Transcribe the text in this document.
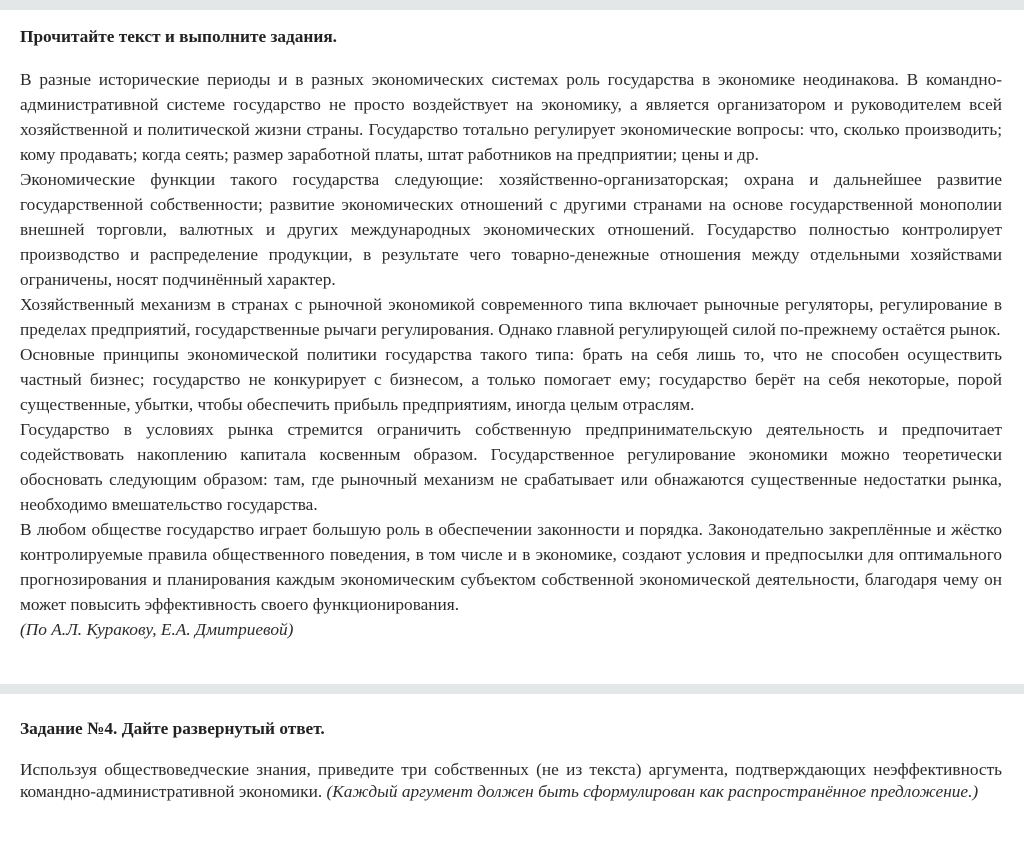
Прочитайте текст и выполните задания.

В разные исторические периоды и в разных экономических системах роль государства в экономике неодинакова. В командно-административной системе государство не просто воздействует на экономику, а является организатором и руководителем всей хозяйственной и политической жизни страны. Государство тотально регулирует экономические вопросы: что, сколько производить; кому продавать; когда сеять; размер заработной платы, штат работников на предприятии; цены и др.

Экономические функции такого государства следующие: хозяйственно-организаторская; охрана и дальнейшее развитие государственной собственности; развитие экономических отношений с другими странами на основе государственной монополии внешней торговли, валютных и других международных экономических отношений. Государство полностью контролирует производство и распределение продукции, в результате чего товарно-денежные отношения между отдельными хозяйствами ограничены, носят подчинённый характер.

Хозяйственный механизм в странах с рыночной экономикой современного типа включает рыночные регуляторы, регулирование в пределах предприятий, государственные рычаги регулирования. Однако главной регулирующей силой по-прежнему остаётся рынок.

Основные принципы экономической политики государства такого типа: брать на себя лишь то, что не способен осуществить частный бизнес; государство не конкурирует с бизнесом, а только помогает ему; государство берёт на себя некоторые, порой существенные, убытки, чтобы обеспечить прибыль предприятиям, иногда целым отраслям.

Государство в условиях рынка стремится ограничить собственную предпринимательскую деятельность и предпочитает содействовать накоплению капитала косвенным образом. Государственное регулирование экономики можно теоретически обосновать следующим образом: там, где рыночный механизм не срабатывает или обнажаются существенные недостатки рынка, необходимо вмешательство государства.

В любом обществе государство играет большую роль в обеспечении законности и порядка. Законодательно закреплённые и жёстко контролируемые правила общественного поведения, в том числе и в экономике, создают условия и предпосылки для оптимального прогнозирования и планирования каждым экономическим субъектом собственной экономической деятельности, благодаря чему он может повысить эффективность своего функционирования.

(По А.Л. Куракову, Е.А. Дмитриевой)

Задание №4. Дайте развернутый ответ.

Используя обществоведческие знания, приведите три собственных (не из текста) аргумента, подтверждающих неэффективность командно-административной экономики. (Каждый аргумент должен быть сформулирован как распространённое предложение.)
